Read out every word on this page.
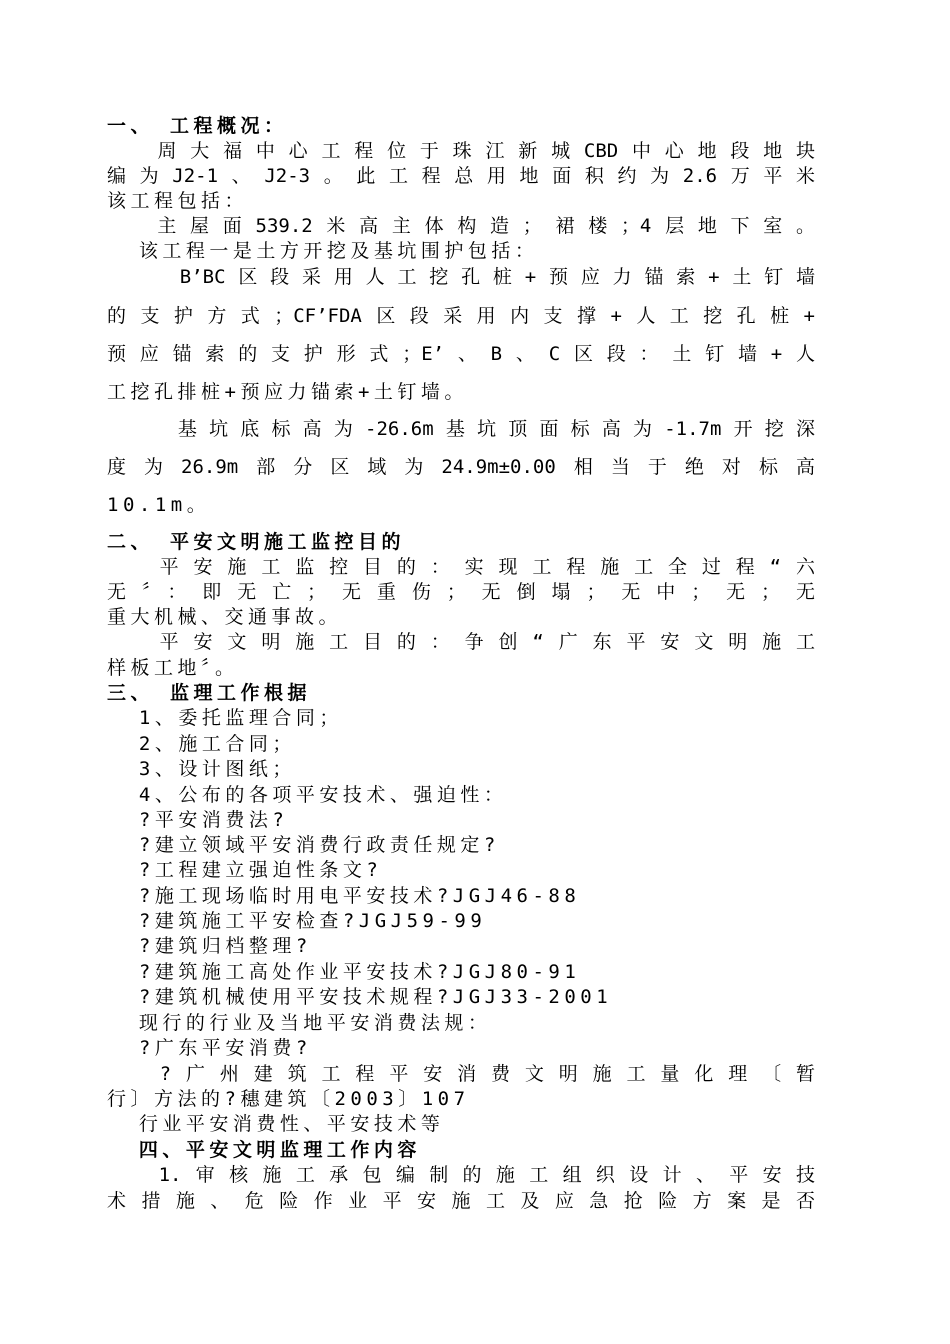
一、 工程概况：
周大福中心工程位于珠江新城CBD中心地段地块
编为J2-1、J2-3。此工程总用地面积约为2.6万平米
该工程包括：
主屋面539.2米高主体构造；裙楼；4层地下室。
该工程一是土方开挖及基坑围护包括：
B’BC区段采用人工挖孔桩+预应力锚索+土钉墙
的支护方式；CF’FDA区段采用内支撑+人工挖孔桩+
预应锚索的支护形式；E’、B、C区段：土钉墙+人
工挖孔排桩+预应力锚索+土钉墙。
基坑底标高为-26.6m基坑顶面标高为-1.7m开挖深
度为26.9m部分区域为24.9m±0.00相当于绝对标高
10.1m。
二、 平安文明施工监控目的
平安施工监控目的：实现工程施工全过程“六
无〞：即无亡；无重伤；无倒塌；无中；无；无
重大机械、交通事故。
平安文明施工目的：争创“广东平安文明施工
样板工地〞。
三、 监理工作根据
1、委托监理合同；
2、施工合同；
3、设计图纸；
4、公布的各项平安技术、强迫性：
?平安消费法?
?建立领域平安消费行政责任规定?
?工程建立强迫性条文?
?施工现场临时用电平安技术?JGJ46-88
?建筑施工平安检查?JGJ59-99
?建筑归档整理?
?建筑施工高处作业平安技术?JGJ80-91
?建筑机械使用平安技术规程?JGJ33-2001
现行的行业及当地平安消费法规：
?广东平安消费?
?广州建筑工程平安消费文明施工量化理〔暂
行〕方法的?穗建筑〔2003〕107
行业平安消费性、平安技术等
四、平安文明监理工作内容
1.审核施工承包编制的施工组织设计、平安技
术措施、危险作业平安施工及应急抢险方案是否
